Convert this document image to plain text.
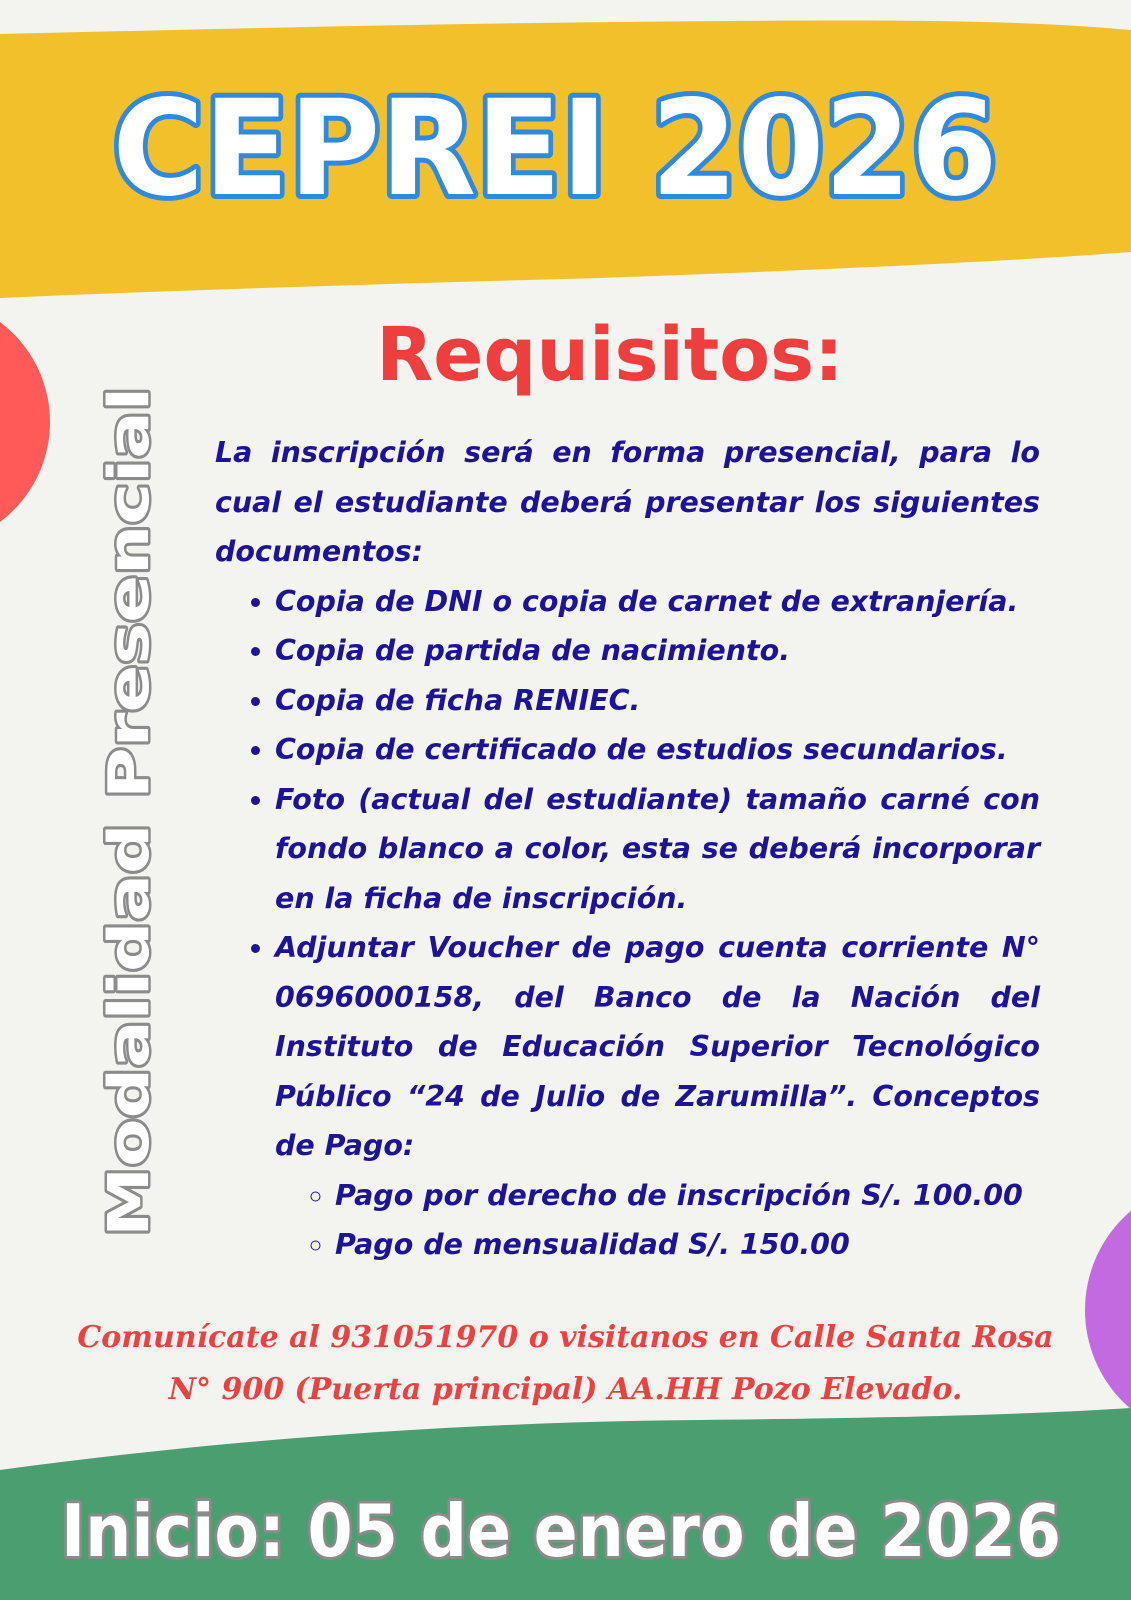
CEPREI 2026
Modalidad Presencial
Requisitos:

La inscripción será en forma presencial, para lo cual el estudiante deberá presentar los siguientes documentos:

• Copia de DNI o copia de carnet de extranjería.
• Copia de partida de nacimiento.
• Copia de ficha RENIEC.
• Copia de certificado de estudios secundarios.
• Foto (actual del estudiante) tamaño carné con fondo blanco a color, esta se deberá incorporar en la ficha de inscripción.
• Adjuntar Voucher de pago cuenta corriente N° 0696000158, del Banco de la Nación del Instituto de Educación Superior Tecnológico Público “24 de Julio de Zarumilla”. Conceptos de Pago:
◦ Pago por derecho de inscripción S/. 100.00
◦ Pago de mensualidad S/. 150.00
Comunícate al 931051970 o visitanos en Calle Santa Rosa
N° 900 (Puerta principal) AA.HH Pozo Elevado.
Inicio: 05 de enero de 2026
